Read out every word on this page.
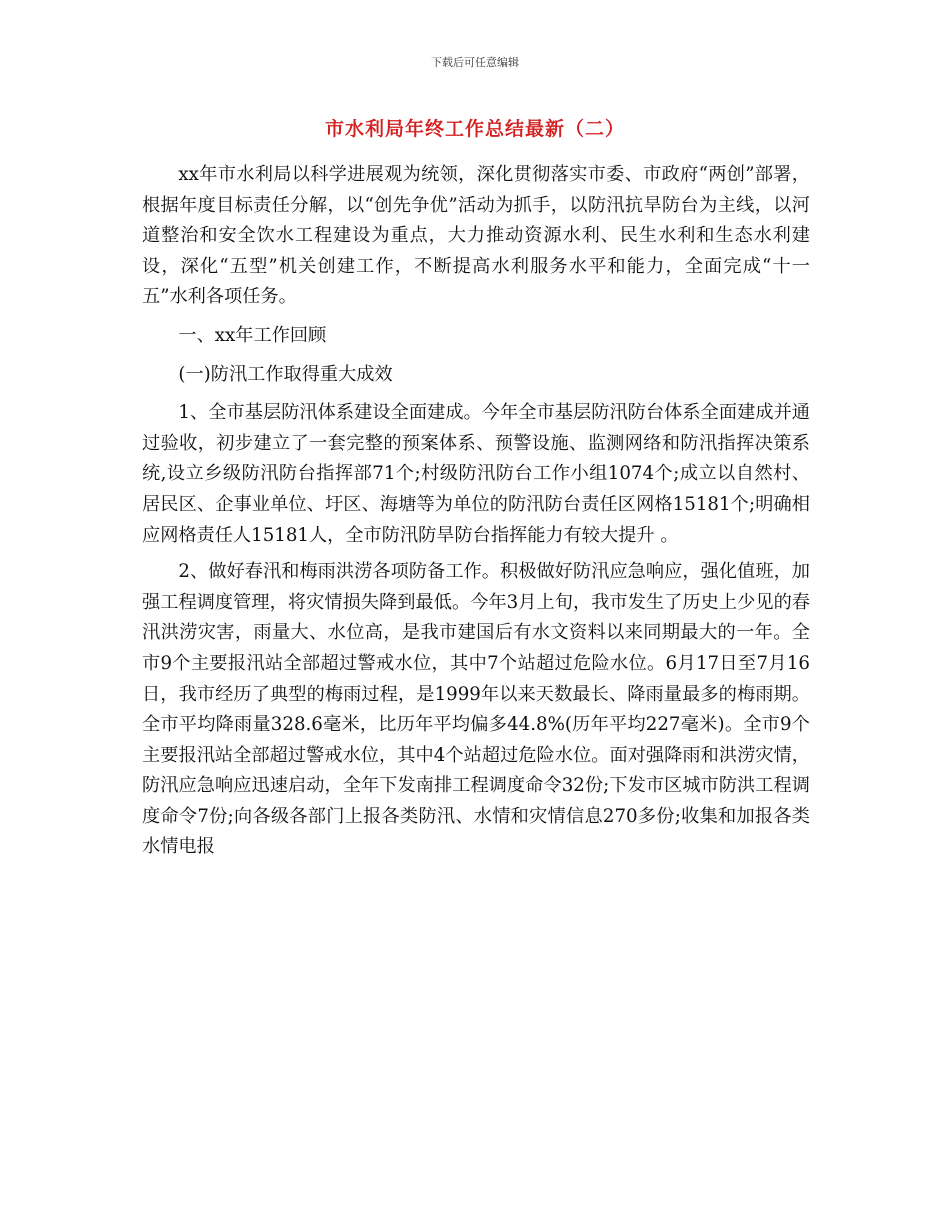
下载后可任意编辑
市水利局年终工作总结最新（二）

xx年市水利局以科学进展观为统领，深化贯彻落实市委、市政府“两创”部署，根据年度目标责任分解，以“创先争优”活动为抓手，以防汛抗旱防台为主线，以河道整治和安全饮水工程建设为重点，大力推动资源水利、民生水利和生态水利建设，深化“五型”机关创建工作，不断提高水利服务水平和能力，全面完成“十一五”水利各项任务。

一、xx年工作回顾

(一)防汛工作取得重大成效

1、全市基层防汛体系建设全面建成。今年全市基层防汛防台体系全面建成并通过验收，初步建立了一套完整的预案体系、预警设施、监测网络和防汛指挥决策系统,设立乡级防汛防台指挥部71个;村级防汛防台工作小组1074个;成立以自然村、居民区、企事业单位、圩区、海塘等为单位的防汛防台责任区网格15181个;明确相应网格责任人15181人，全市防汛防旱防台指挥能力有较大提升 。

2、做好春汛和梅雨洪涝各项防备工作。积极做好防汛应急响应，强化值班，加强工程调度管理，将灾情损失降到最低。今年3月上旬，我市发生了历史上少见的春汛洪涝灾害，雨量大、水位高，是我市建国后有水文资料以来同期最大的一年。全市9个主要报汛站全部超过警戒水位，其中7个站超过危险水位。6月17日至7月16日，我市经历了典型的梅雨过程，是1999年以来天数最长、降雨量最多的梅雨期。全市平均降雨量328.6毫米，比历年平均偏多44.8%(历年平均227毫米)。全市9个主要报汛站全部超过警戒水位，其中4个站超过危险水位。面对强降雨和洪涝灾情，防汛应急响应迅速启动，全年下发南排工程调度命令32份;下发市区城市防洪工程调度命令7份;向各级各部门上报各类防汛、水情和灾情信息270多份;收集和加报各类水情电报
